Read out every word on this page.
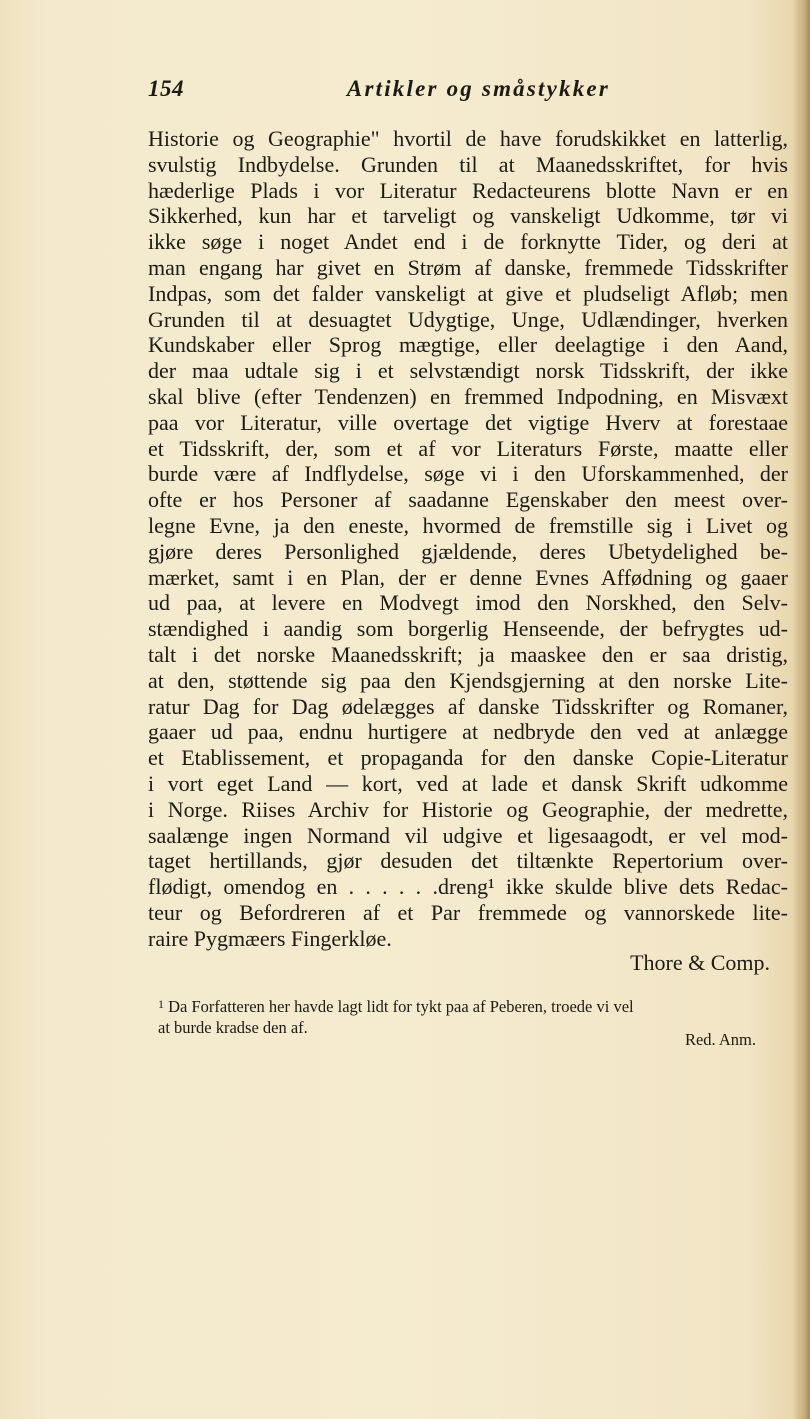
154	Artikler og småstykker
Historie og Geographie" hvortil de have forudskikket en latterlig,
svulstig Indbydelse. Grunden til at Maanedsskriftet, for hvis
hæderlige Plads i vor Literatur Redacteurens blotte Navn er en
Sikkerhed, kun har et tarveligt og vanskeligt Udkomme, tør vi
ikke søge i noget Andet end i de forknytte Tider, og deri at
man engang har givet en Strøm af danske, fremmede Tidsskrifter
Indpas, som det falder vanskeligt at give et pludseligt Afløb; men
Grunden til at desuagtet Udygtige, Unge, Udlændinger, hverken
Kundskaber eller Sprog mægtige, eller deelagtige i den Aand,
der maa udtale sig i et selvstændigt norsk Tidsskrift, der ikke
skal blive (efter Tendenzen) en fremmed Indpodning, en Misvæxt
paa vor Literatur, ville overtage det vigtige Hverv at forestaae
et Tidsskrift, der, som et af vor Literaturs Første, maatte eller
burde være af Indflydelse, søge vi i den Uforskammenhed, der
ofte er hos Personer af saadanne Egenskaber den meest over-
legne Evne, ja den eneste, hvormed de fremstille sig i Livet og
gjøre deres Personlighed gjældende, deres Ubetydelighed be-
mærket, samt i en Plan, der er denne Evnes Affødning og gaaer
ud paa, at levere en Modvegt imod den Norskhed, den Selv-
stændighed i aandig som borgerlig Henseende, der befrygtes ud-
talt i det norske Maanedsskrift; ja maaskee den er saa dristig,
at den, støttende sig paa den Kjendsgjerning at den norske Lite-
ratur Dag for Dag ødelægges af danske Tidsskrifter og Romaner,
gaaer ud paa, endnu hurtigere at nedbryde den ved at anlægge
et Etablissement, et propaganda for den danske Copie-Literatur
i vort eget Land — kort, ved at lade et dansk Skrift udkomme
i Norge. Riises Archiv for Historie og Geographie, der medrette,
saalænge ingen Normand vil udgive et ligesaagodt, er vel mod-
taget hertillands, gjør desuden det tiltænkte Repertorium over-
flødigt, omendog en . . . . . .dreng¹ ikke skulde blive dets Redac-
teur og Befordreren af et Par fremmede og vannorskede lite-
raire Pygmæers Fingerkløe.
Thore & Comp.
$^1$ Da Forfatteren her havde lagt lidt for tykt paa af Peberen, troede vi vel
at burde kradse den af.
Red. Anm.
